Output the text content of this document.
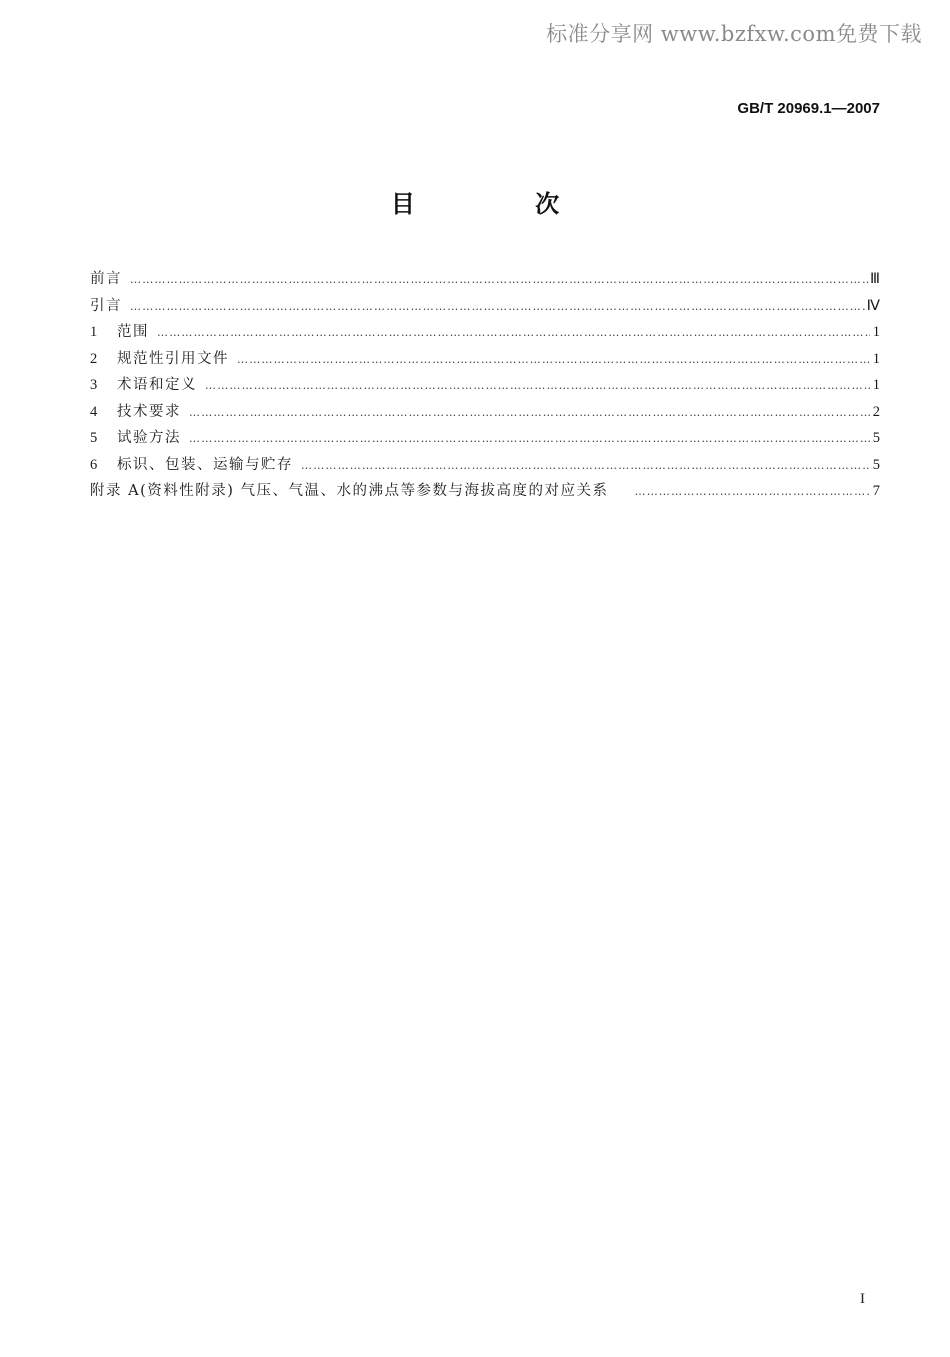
标准分享网 www.bzfxw.com免费下载
GB/T 20969.1—2007
目 次
前言 …………………………………………………………………………………………………………………………………………………………………………………………………………………………………………	Ⅲ
引言 …………………………………………………………………………………………………………………………………………………………………………………………………………………………………………	Ⅳ
1	范围 …………………………………………………………………………………………………………………………………………………………………………………………………………………………………………	1
2	规范性引用文件 …………………………………………………………………………………………………………………………………………………………………………………………………………………………………………	1
3	术语和定义 …………………………………………………………………………………………………………………………………………………………………………………………………………………………………………	1
4	技术要求 …………………………………………………………………………………………………………………………………………………………………………………………………………………………………………	2
5	试验方法 …………………………………………………………………………………………………………………………………………………………………………………………………………………………………………	5
6	标识、包装、运输与贮存 …………………………………………………………………………………………………………………………………………………………………………………………………………………………………………	5
附录 A(资料性附录) 气压、气温、水的沸点等参数与海拔高度的对应关系 …………………………………………………………………………………………………………………………………………………………………………………………………………………………………………	7
I
